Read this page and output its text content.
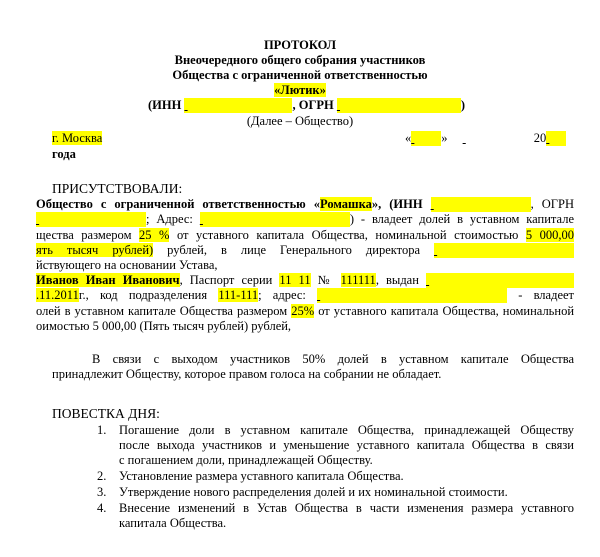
ПРОТОКОЛ
Внеочередного общего собрания участников
Общества с ограниченной ответственностью
«Лютик»
(ИНН	, ОГРН	)
(Далее – Общество)
г. Москва	« »	20
года
ПРИСУТСТВОВАЛИ:
Общество с ограниченной ответственностью «Ромашка», (ИНН	, ОГРН
; Адрес:	) - владеет долей в уставном капитале
щества размером 25 % от уставного капитала Общества, номинальной стоимостью 5 000,00
ять тысяч рублей) рублей, в лице Генерального директора
йствующего на основании Устава,
Иванов Иван Иванович, Паспорт серии 11 11 № 111111, выдан
.11.2011г., код подразделения 111-111; адрес:	- владеет
олей в уставном капитале Общества размером 25% от уставного капитала Общества, номинальной
оимостью 5 000,00 (Пять тысяч рублей) рублей,
В связи с выходом участников 50% долей в уставном капитале Общества
принадлежит Обществу, которое правом голоса на собрании не обладает.
ПОВЕСТКА ДНЯ:
1. Погашение доли в уставном капитале Общества, принадлежащей Обществу
после выхода участников и уменьшение уставного капитала Общества в связи
с погашением доли, принадлежащей Обществу.
2. Установление размера уставного капитала Общества.
3. Утверждение нового распределения долей и их номинальной стоимости.
4. Внесение изменений в Устав Общества в части изменения размера уставного
капитала Общества.
